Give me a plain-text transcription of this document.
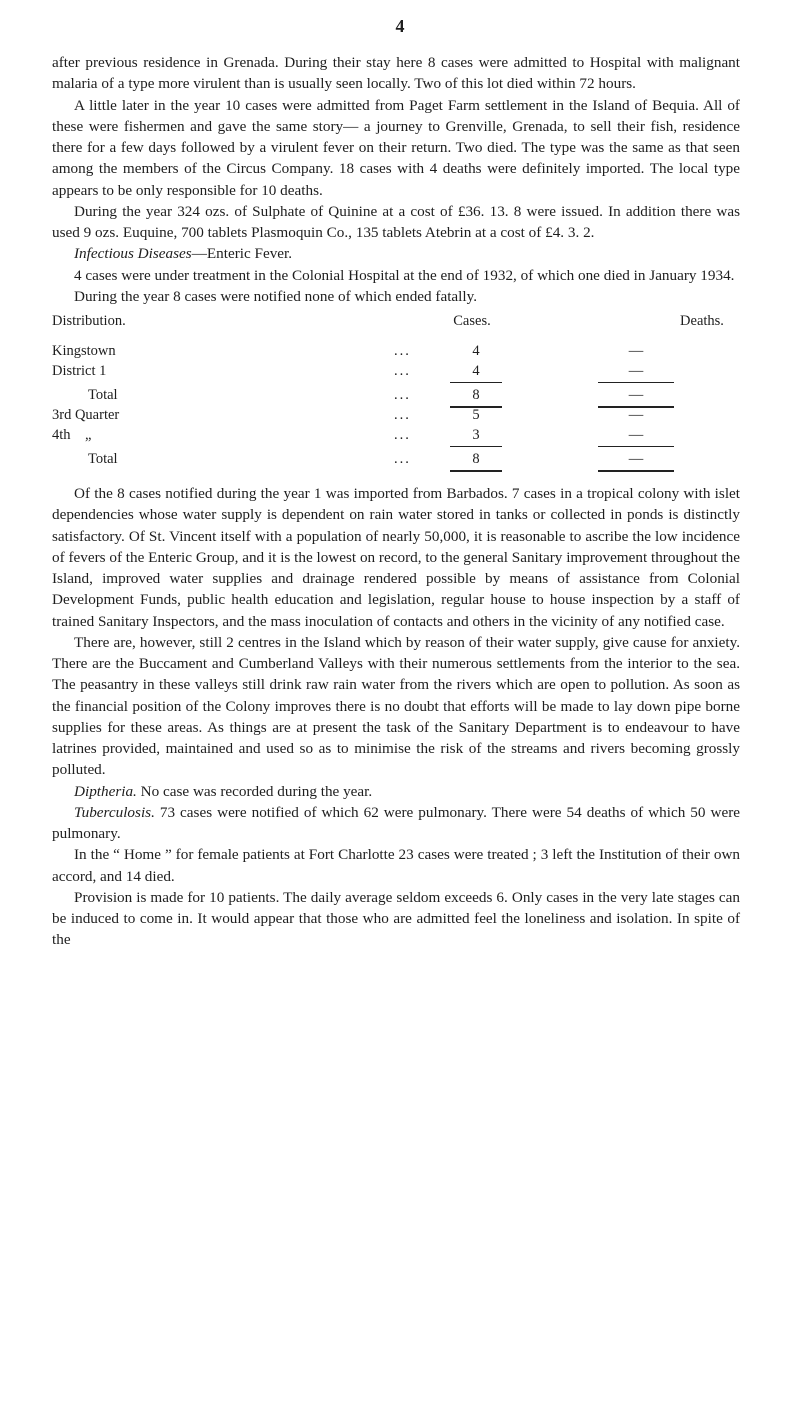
4

after previous residence in Grenada. During their stay here 8 cases were admitted to Hospital with malignant malaria of a type more virulent than is usually seen locally. Two of this lot died within 72 hours.

A little later in the year 10 cases were admitted from Paget Farm settlement in the Island of Bequia. All of these were fishermen and gave the same story— a journey to Grenville, Grenada, to sell their fish, residence there for a few days followed by a virulent fever on their return. Two died. The type was the same as that seen among the members of the Circus Company. 18 cases with 4 deaths were definitely imported. The local type appears to be only responsible for 10 deaths.

During the year 324 ozs. of Sulphate of Quinine at a cost of £36. 13. 8 were issued. In addition there was used 9 ozs. Euquine, 700 tablets Plasmoquin Co., 135 tablets Atebrin at a cost of £4. 3. 2.

Infectious Diseases—Enteric Fever.

4 cases were under treatment in the Colonial Hospital at the end of 1932, of which one died in January 1934.

During the year 8 cases were notified none of which ended fatally.

Distribution.	Cases.	Deaths.
Kingstown	...	4	—
District 1	...	4	—
Total	...	8	—
3rd Quarter	...	5	—
4th    „	...	3	—
Total	...	8	—

Of the 8 cases notified during the year 1 was imported from Barbados. 7 cases in a tropical colony with islet dependencies whose water supply is dependent on rain water stored in tanks or collected in ponds is distinctly satisfactory. Of St. Vincent itself with a population of nearly 50,000, it is reasonable to ascribe the low incidence of fevers of the Enteric Group, and it is the lowest on record, to the general Sanitary improvement throughout the Island, improved water supplies and drainage rendered possible by means of assistance from Colonial Development Funds, public health education and legislation, regular house to house inspection by a staff of trained Sanitary Inspectors, and the mass inoculation of contacts and others in the vicinity of any notified case.

There are, however, still 2 centres in the Island which by reason of their water supply, give cause for anxiety. There are the Buccament and Cumberland Valleys with their numerous settlements from the interior to the sea. The peasantry in these valleys still drink raw rain water from the rivers which are open to pollution. As soon as the financial position of the Colony improves there is no doubt that efforts will be made to lay down pipe borne supplies for these areas. As things are at present the task of the Sanitary Department is to endeavour to have latrines provided, maintained and used so as to minimise the risk of the streams and rivers becoming grossly polluted.

Diptheria. No case was recorded during the year.

Tuberculosis. 73 cases were notified of which 62 were pulmonary. There were 54 deaths of which 50 were pulmonary.

In the “ Home ” for female patients at Fort Charlotte 23 cases were treated ; 3 left the Institution of their own accord, and 14 died.

Provision is made for 10 patients. The daily average seldom exceeds 6. Only cases in the very late stages can be induced to come in. It would appear that those who are admitted feel the loneliness and isolation. In spite of the
